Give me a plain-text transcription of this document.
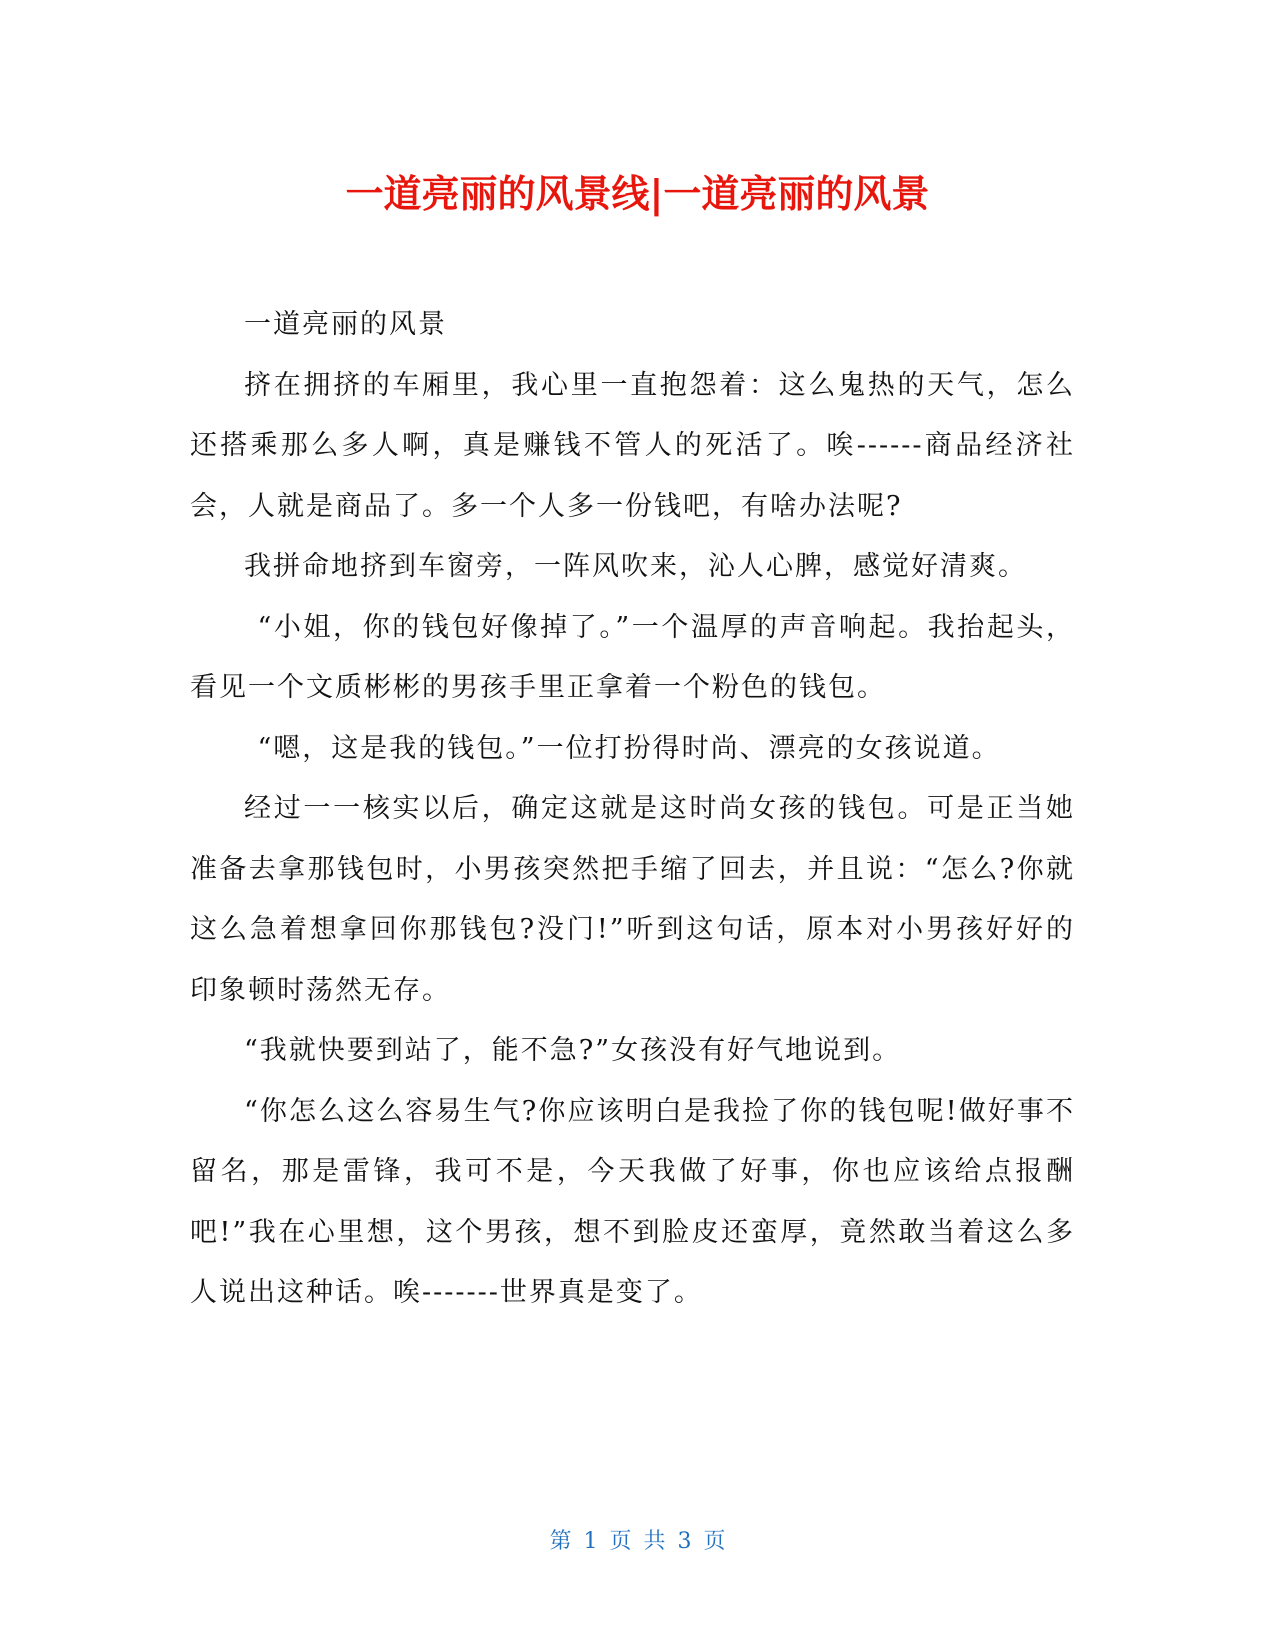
一道亮丽的风景线|一道亮丽的风景

一道亮丽的风景

挤在拥挤的车厢里，我心里一直抱怨着：这么鬼热的天气，怎么还搭乘那么多人啊，真是赚钱不管人的死活了。唉------商品经济社会，人就是商品了。多一个人多一份钱吧，有啥办法呢?

我拼命地挤到车窗旁，一阵风吹来，沁人心脾，感觉好清爽。

“小姐，你的钱包好像掉了。”一个温厚的声音响起。我抬起头，看见一个文质彬彬的男孩手里正拿着一个粉色的钱包。

“嗯，这是我的钱包。”一位打扮得时尚、漂亮的女孩说道。

经过一一核实以后，确定这就是这时尚女孩的钱包。可是正当她准备去拿那钱包时，小男孩突然把手缩了回去，并且说：“怎么?你就这么急着想拿回你那钱包?没门!”听到这句话，原本对小男孩好好的印象顿时荡然无存。

“我就快要到站了，能不急?”女孩没有好气地说到。

“你怎么这么容易生气?你应该明白是我捡了你的钱包呢!做好事不留名，那是雷锋，我可不是，今天我做了好事，你也应该给点报酬吧!”我在心里想，这个男孩，想不到脸皮还蛮厚，竟然敢当着这么多人说出这种话。唉-------世界真是变了。

第 1 页 共 3 页
